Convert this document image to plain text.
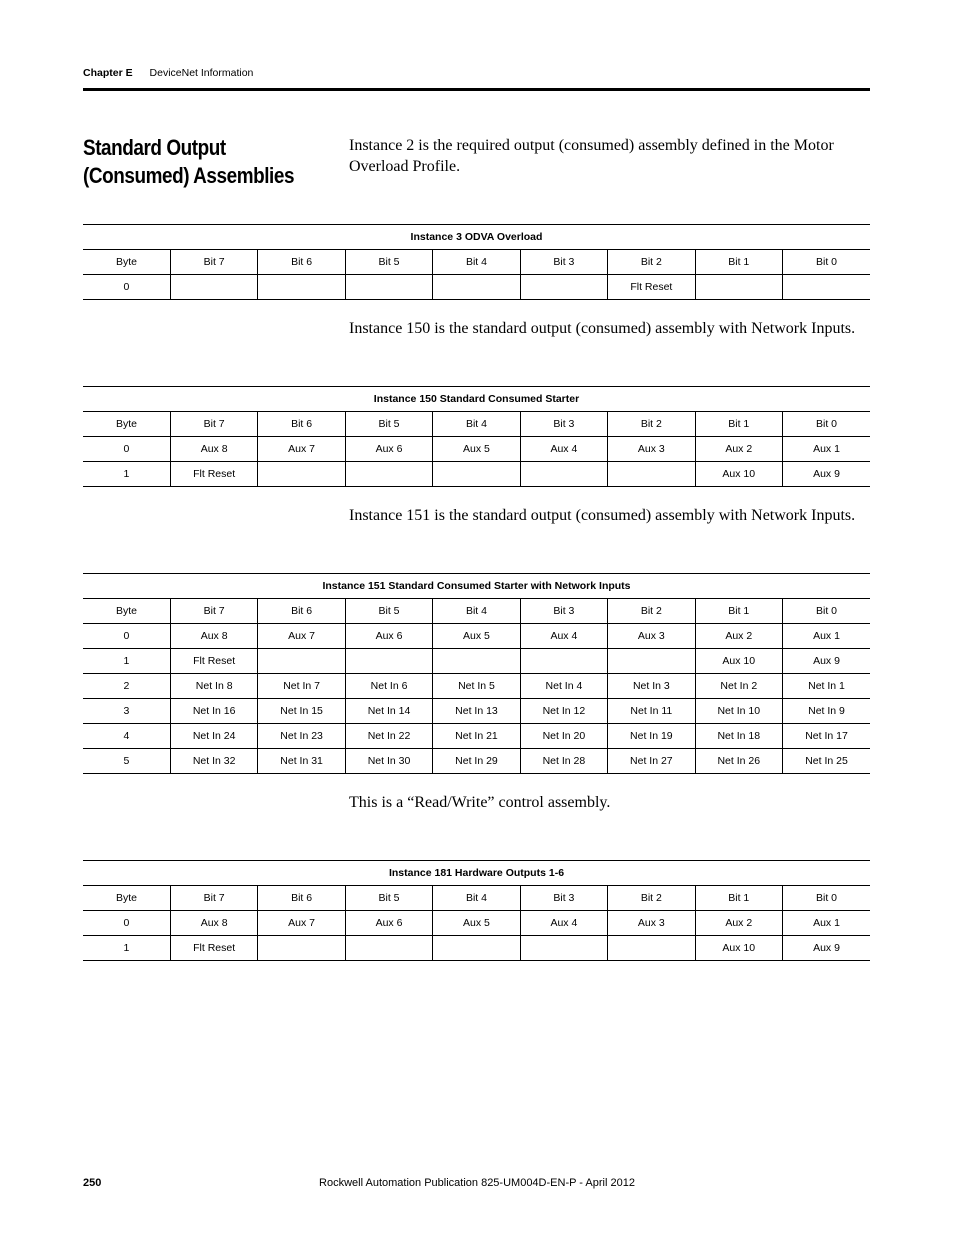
Chapter E DeviceNet Information
Standard Output
(Consumed) Assemblies
Instance 2 is the required output (consumed) assembly defined in the Motor Overload Profile.
Instance 3 ODVA Overload								
Byte	Bit 7	Bit 6	Bit 5	Bit 4	Bit 3	Bit 2	Bit 1	Bit 0
0						Flt Reset		
Instance 150 is the standard output (consumed) assembly with Network Inputs.
Instance 150 Standard Consumed Starter								
Byte	Bit 7	Bit 6	Bit 5	Bit 4	Bit 3	Bit 2	Bit 1	Bit 0
0	Aux 8	Aux 7	Aux 6	Aux 5	Aux 4	Aux 3	Aux 2	Aux 1
1	Flt Reset						Aux 10	Aux 9
Instance 151 is the standard output (consumed) assembly with Network Inputs.
Instance 151 Standard Consumed Starter with Network Inputs								
Byte	Bit 7	Bit 6	Bit 5	Bit 4	Bit 3	Bit 2	Bit 1	Bit 0
0	Aux 8	Aux 7	Aux 6	Aux 5	Aux 4	Aux 3	Aux 2	Aux 1
1	Flt Reset						Aux 10	Aux 9
2	Net In 8	Net In 7	Net In 6	Net In 5	Net In 4	Net In 3	Net In 2	Net In 1
3	Net In 16	Net In 15	Net In 14	Net In 13	Net In 12	Net In 11	Net In 10	Net In 9
4	Net In 24	Net In 23	Net In 22	Net In 21	Net In 20	Net In 19	Net In 18	Net In 17
5	Net In 32	Net In 31	Net In 30	Net In 29	Net In 28	Net In 27	Net In 26	Net In 25
This is a “Read/Write” control assembly.
Instance 181 Hardware Outputs 1-6								
Byte	Bit 7	Bit 6	Bit 5	Bit 4	Bit 3	Bit 2	Bit 1	Bit 0
0	Aux 8	Aux 7	Aux 6	Aux 5	Aux 4	Aux 3	Aux 2	Aux 1
1	Flt Reset						Aux 10	Aux 9
250	Rockwell Automation Publication 825-UM004D-EN-P - April 2012
